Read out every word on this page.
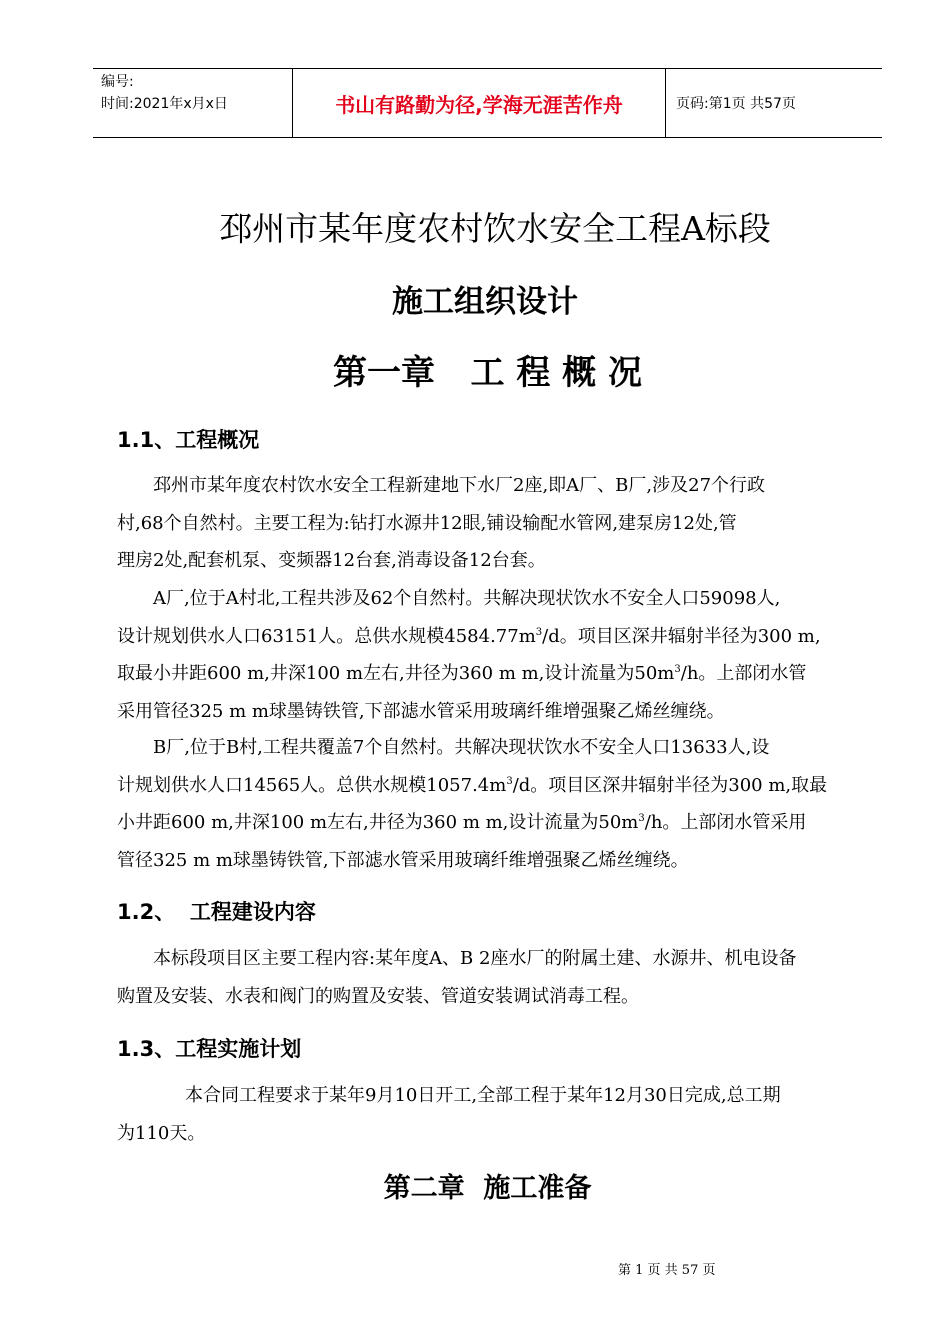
编号:
时间:2021年x月x日	书山有路勤为径,学海无涯苦作舟	页码:第1页 共57页
邳州市某年度农村饮水安全工程A标段
施工组织设计
第一章   工 程 概 况
1.1、工程概况
邳州市某年度农村饮水安全工程新建地下水厂2座,即A厂、B厂,涉及27个行政
村,68个自然村。主要工程为:钻打水源井12眼,铺设输配水管网,建泵房12处,管
理房2处,配套机泵、变频器12台套,消毒设备12台套。
A厂,位于A村北,工程共涉及62个自然村。共解决现状饮水不安全人口59098人,
设计规划供水人口63151人。总供水规模$4584.77m^3/d$。项目区深井辐射半径为300 m,
取最小井距600 m,井深100 m左右,井径为360 m m,设计流量为$50m^3/h$。上部闭水管
采用管径325 m m球墨铸铁管,下部滤水管采用玻璃纤维增强聚乙烯丝缠绕。
B厂,位于B村,工程共覆盖7个自然村。共解决现状饮水不安全人口13633人,设
计规划供水人口14565人。总供水规模$1057.4m^3/d$。项目区深井辐射半径为300 m,取最
小井距600 m,井深100 m左右,井径为360 m m,设计流量为$50m^3/h$。上部闭水管采用
管径325 m m球墨铸铁管,下部滤水管采用玻璃纤维增强聚乙烯丝缠绕。
1.2、  工程建设内容
本标段项目区主要工程内容:某年度A、B 2座水厂的附属土建、水源井、机电设备
购置及安装、水表和阀门的购置及安装、管道安装调试消毒工程。
1.3、工程实施计划
本合同工程要求于某年9月10日开工,全部工程于某年12月30日完成,总工期
为110天。
第二章  施工准备
第 1 页 共 57 页
